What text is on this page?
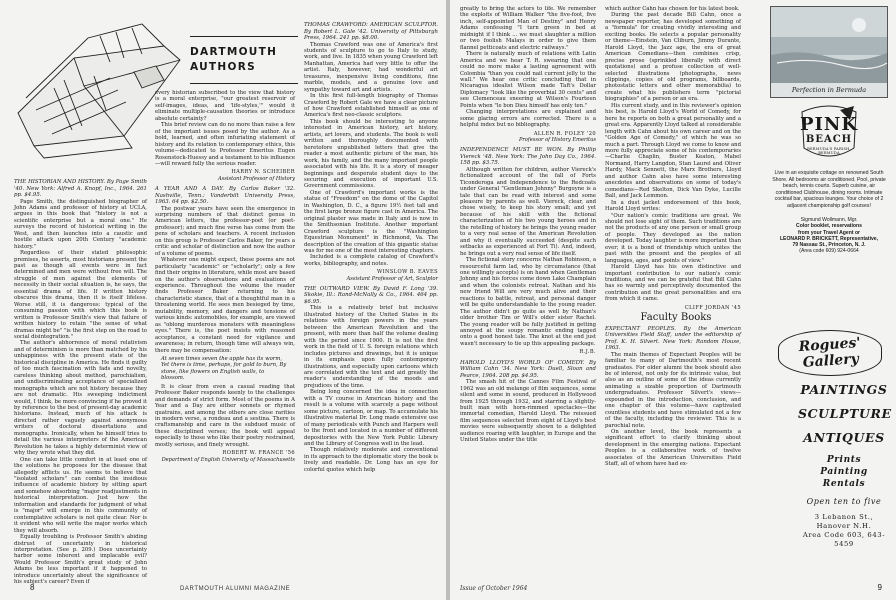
DARTMOUTH
AUTHORS

THE HISTORIAN AND HISTORY. By Page Smith '40. New York: Alfred A. Knopf, Inc., 1964. 261 pp. $4.95.

Page Smith, the distinguished biographer of John Adams and professor of history at UCLA, argues in this book that "history is not a scientific enterprise but a moral one." He surveys the record of historical writing in the West, and then launches into a caustic and hostile attack upon 20th Century "academic history."

Regardless of their stated philosophic premises, he asserts, most historians present the past as though all events were in fact determined and men were without free will. The struggle of men against the elements of necessity in their social situation is, he says, the essential drama of life. If written history obscures this drama, then it is itself lifeless. Worse still, it is dangerous: typical of the consuming passion with which this book is written is Professor Smith's view that failure of written history to retain "the sense of what dramas might be" "is the first step on the road to social disintegration."

The author's abhorrence of moral relativism and of determinism is more than matched by his unhappiness with the present state of the historical discipline in America. He finds it guilty of too much fascination with fads and novelty, careless thinking about method, parochialism, and undiscriminating acceptance of specialized monographs which are not history because they are not dramatic. His sweeping indictment would, I think, be more convincing if he proved it by reference to the best of present-day academic historians. Instead, much of his attack is directed rather vaguely against anonymous writers of doctoral dissertations and monographs. Ironically, when he himself tries to detail the various interpreters of the American Revolution he takes a highly determinist view of why they wrote what they did.

One can take little comfort in at least one of the solutions he proposes for the disease that allegedly afflicts us. He seems to believe that "isolated scholars" can combat the insidious influence of academic history by sitting apart and somehow absorbing "major readjustments in historical interpretation. Just how the information and standards for judgment of what is "major" will emerge in this community of contemplative scholars is not quite clear. Nor is it evident who will write the major works which they will absorb.

Equally troubling is Professor Smith's abiding distrust of uncertainty in historical interpretation. (See p. 209.) Does uncertainty harbor some inherent and implacable evil? Would Professor Smith's great study of John Adams be less important if it happened to introduce uncertainty about the significance of his subject's career? Even if

every historian subscribed to the view that history is a moral enterprise, "our greatest reservoir of self-images, ideas, and 'life-styles,'" would it eliminate multiple-causation theories or introduce absolute certainty?

This brief review can do no more than raise a few of the important issues posed by the author. As a bold, learned, and often infuriating statement of history and its relation to contemporary ethics, this volume—dedicated to Professor Emeritus Eugen Rosenstock-Huessy and a testament to his influence—will reward fully the serious reader.

HARRY N. SCHEIBER
Assistant Professor of History

A YEAR AND A DAY. By Carlos Baker '32. Nashville, Tenn.: Vanderbilt University Press, 1963. 64 pp. $2.50.

The postwar years have seen the emergence in surprising numbers of that distinct genus in American letters, the professor-poet (or poet-professor); and much fine verse has come from the pens of scholars and teachers. A recent inclusion on this group is Professor Carlos Baker, for years a critic and scholar of distinction and now the author of a volume of poems.

Whatever one might expect, these poems are not particularly "academic" or "scholarly"; only a few find their origins in literature, while most are based on the author's observations and evaluations of experience. Throughout the volume the reader finds Professor Baker returning to his characteristic stance, that of a thoughtful man in a threatening world. He sees men besieged by time, mutability, memory, and dangers and tensions of various kinds: automobiles, for example, are viewed as "oblong murderous monsters with meaningless eyes." There is, the poet insists with reasoned acceptance, a constant need for vigilance and awareness; in return, though time will always win, there may be compensation:

At seven times seven the apple has its worm, Yet there is time, perhaps, for gold to burn, By stone, like flowers on English walls, to blossom.

It is clear from even a casual reading that Professor Baker responds keenly to the challenges and demands of strict form. Most of the poems in A Year and a Day are either sonnets or rhymed quatrains, and among the others are close rarities in modern verse, a rondeau and a sestina. There is craftsmanship and care in the subdued music of these disciplined verses; the book will appeal especially to those who like their poetry restrained, mostly serious, and finely wrought.

ROBERT W. FRANCE '56
Department of English University of Massachusetts

THOMAS CRAWFORD: AMERICAN SCULPTOR. By Robert L. Gale '42. University of Pittsburgh Press, 1964. 241 pp. $8.00.

Thomas Crawford was one of America's first students of sculpture to go to Italy to study, work, and live. In 1835 when young Crawford left Manhattan, America had very little to offer the artist. Italy, however, had wonderful art treasures, inexpensive living conditions, fine marble, models, and a genuine love and sympathy toward art and artists.

In this first full-length biography of Thomas Crawford by Robert Gale we have a clear picture of how Crawford established himself as one of America's first neo-classic sculptors.

This book should be interesting to anyone interested in American history, art history, artists, art lovers, and students. The book is well written and thoroughly documented with heretofore unpublished letters that give the reader a most authentic picture of the man, his work, his family, and the many important people associated with his life. It is a story of meager beginnings and desperate student days to the securing and execution of important U.S. Government commissions.

One of Crawford's important works is the statue of "Freedom" on the dome of the Capitol in Washington, D. C., a figure 19½ feet tall and the first large bronze figure cast in America. The original plaster was made in Italy and is now in the Smithsonian Institute. Another important Crawford sculpture is the "Washington Equestrian Monument" in Richmond, Va. The description of the creation of this gigantic statue was for me one of the most interesting chapters.

Included is a complete catalog of Crawford's works, bibliography, and notes.

WINSLOW B. EAVES
Assistant Professor of Art, Sculptor

THE OUTWARD VIEW. By David F. Long '39. Skokie, Ill.: Rand-McNally & Co., 1964. 464 pp. $6.95.

This is a relatively brief but inclusive illustrated history of the United States in its relations with foreign powers in the years between the American Revolution and the present, with more than half the volume dealing with the period since 1900. It is not the first work in the field of U. S. foreign relations which includes pictures and drawings, but it is unique in its emphasis upon fully contemporary illustrations, and especially upon cartoons which are correlated with the text and aid greatly the reader's understanding of the moods and prejudices of the time.

Being long concerned the idea in connection with a TV course in American history and the result is a volume with scarcely a page without some picture, cartoon, or map. To accumulate his illustrative material Dr. Long made extensive use of many periodicals with Punch and Harpers well to the front and located in a number of different depositories with the New York Public Library and the Library of Congress well in the lead.

Though relatively moderate and conventional in its approach to the diplomatic story the book is lively and readable. Dr. Long has an eye for colorful quotes which help

8	DARTMOUTH ALUMNI MAGAZINE

greatly to bring the actors to life. We remember the exploits of William Walker "the five-foot, five inch, self-appointed Man of Destiny" and Henry Adams confessing "I turn green in bed at midnight if I think ... we must slaughter a million or two foolish Malays in order to give them flannel petticoats and electric railways."

There is naturally much of relations with Latin America and we hear T. R. swearing that one could no more make a lasting agreement with Colombia "than you could nail current jelly to the wall." We hear one critic concluding that in Nicaragua idealist Wilson made Taft's Dollar Diplomacy "look like the proverbial 30 cents" and see Clemenceau sneering at Wilson's Fourteen Points when "le bon Dieu himself has only ten."

Changing interpretations are explained and some glaring errors are corrected. There is a helpful index but no bibliography.

ALLEN R. FOLEY '20
Professor of History Emeritus

INDEPENDENCE MUST BE WON. By Phillip Viereck '48. New York: The John Day Co., 1964. 158 pp. $3.75.

Although written for children, author Viereck's fictionalized account of the fall of Forts Ticonderoga and Independence to the Redcoats under General "Gentleman Johnny" Burgoyne is a tale that can be read with interest and some pleasure by parents as well. Viereck, clear, and chose wisely, to keep his story small; and yet because of his skill with the fictional characterization of his two young heroes and in the retelling of history he brings the young reader to a very real sense of the American Revolution and why it eventually succeeded (despite such setbacks as experienced at Fort Ti). And, indeed, he brings out a very real sense of life itself.

The fictional story concerns Nathan Robinson, a resourceful farm lad, who by circumstance (that one willingly accepts) is on hand when Gentleman Johnny and his forces come down Lake Champlain and when the colonists retreat. Nathan and his new friend Will are very much alive and their reactions to battle, retreat, and personal danger will be quite understandable to the young reader. The author didn't go quite as well by Nathan's older brother Tim or Will's older sister Rachel. The young reader will be fully justified in getting annoyed at the soupy romantic ending tagged onto a good honest tale. The knot at the end just wasn't necessary to tie up this appealing package.

R.J.B.

HAROLD LLOYD'S WORLD OF COMEDY. By William Cahn '34. New York: Duell, Sloan and Pearce, 1964. 208 pp. $4.95.

The smash hit of the Cannes Film Festival of 1962 was an old melange of film sequences, some silent and some in sound, produced in Hollywood from 1925 through 1932, and starring a slightly-built man with horn-rimmed spectacles—the immortal comedian, Harold Lloyd. The reissued film sequences selected from eight of Lloyd's best movies were subsequently shown to a delighted audience roaring with laughter, in Europe and the United States under the title

which author Cahn has chosen for his latest book.

During the past decade Bill Cahn, once a newspaper reporter, has developed something of a "formula" for creating vividly interesting and exciting books. He selects a popular personality or theme—Einstein, Van Cliburn, Jimmy Durante, Harold Lloyd, the Jazz age, the era of great American Comedians—then combines crisp, precise prose (sprinkled liberally with direct quotations) and a profuse collection of well-selected illustrations (photographs, news clippings, copies of old programs, billboards, photostatic letters and other memorabilia) to create what his publishers term "pictorial biographies" of a person or an era.

His current study, and in this reviewer's opinion his best, is Harold Lloyd's World of Comedy, for here he reports on both a great personality and a great era. Apparently Lloyd talked at considerable length with Cahn about his own career and on the "Golden Age of Comedy," of which he was so much a part. Through Lloyd we come to know and more fully appreciate some of his contemporaries—Charlie Chaplin, Buster Keaton, Mabel Normand, Harry Langdon, Stan Laurel and Oliver Hardy, Mack Sennett, the Marx Brothers, Lloyd and author Cahn also have some interesting anecdotes and observations on some of today's comedians—Red Skelton, Dick Van Dyke, Lucille Ball, and Jack Lemmon.

In a dust jacket endorsement of this book, Harold Lloyd writes:

"Our nation's comic traditions are great. We should not lose sight of them. Such traditions are not the products of any one person or small group of people. They developed as the nation developed. Today laughter is more important than ever; it is a bond of friendship which unites the past with the present and the peoples of all languages, ages, and points of view."

Harold Lloyd has his own distinctive and important contribution to our nation's comic traditions, and we can be grateful that Bill Cahn has so warmly and perceptively documented the contribution and the great personalities and era from which it came.

CLIFF JORDAN '45

Faculty Books

EXPECTANT PEOPLES. By the American Universities Field Staff, under the editorship of Prof. K. H. Silvert. New York: Random House, 1963.

The main themes of Expectant Peoples will be familiar to many of Dartmouth's most recent graduates. For older alumni the book should also be of interest, not only for its intrinsic value, but also as an outline of some of the ideas currently animating a sizable proportion of Dartmouth undergraduates. Professor Silvert's views—expounded in the introduction, conclusion, and one chapter of this volume—have captivated countless students and have stimulated not a few of the faculty, including the reviewer. This is a parochial note.

On another level, the book represents a significant effort to clarify thinking about development in the emerging nations. Expectant Peoples is a collaborative work of twelve associates of the American Universities Field Staff, all of whom have had ex-

Perfection in Bermuda
PINK
BEACH
BERMUDA'S PARISH, BERMUDA
Live in an exquisite cottage on renowned South Shore. All bedrooms air conditioned. Pool, private beach, tennis courts. Superb cuisine, air conditioned Clubhouse, dining rooms. Intimate cocktail bar, spacious lounges. Your choice of 2 adjacent championship golf courses!
Sigmund Wollmann, Mgr.
Color booklet, reservations
from your Travel Agent or
LEONARD P. BRICKETT, Representative,
79 Nassau St., Princeton, N. J.
(Area code 609) 924-0664
Rogues' Gallery
PAINTINGS
SCULPTURE
ANTIQUES
Prints
Painting Rentals
Open ten to five
3 Lebanon St., Hanover N.H.
Area Code 603, 643-5459
Issue of October 1964	9
